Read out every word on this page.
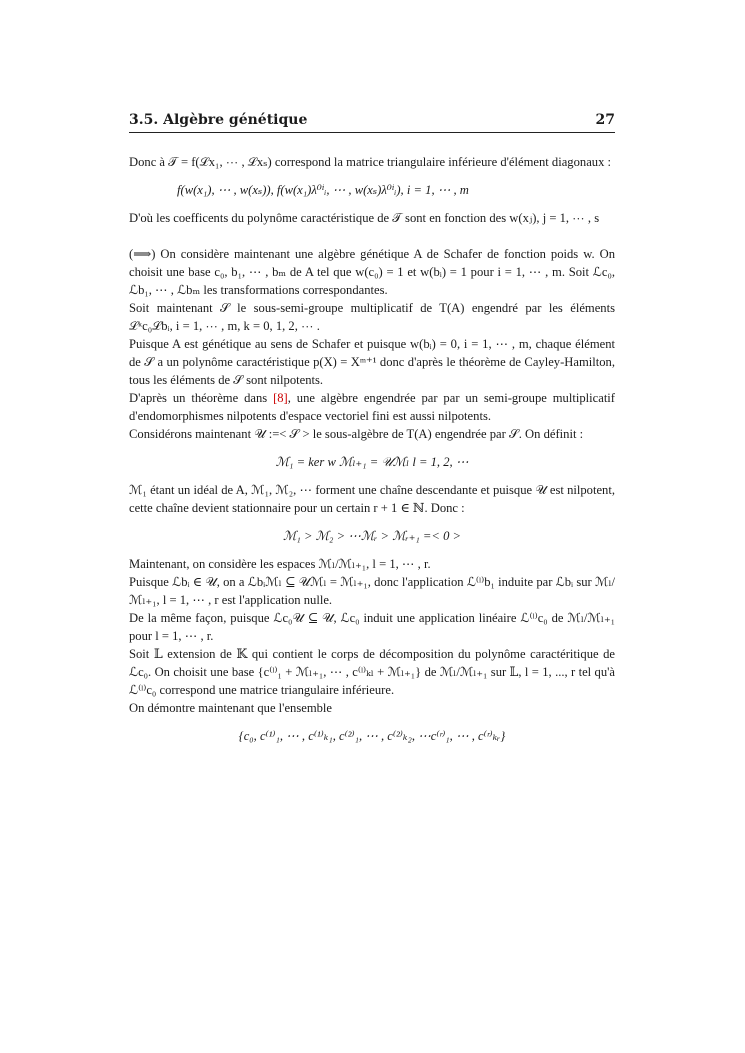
3.5. Algèbre génétique	27

Donc à 𝒯 = f(ℒx₁, ⋯ , ℒxₛ) correspond la matrice triangulaire inférieure d'élément diagonaux :

f(w(x₁), ⋯ , w(xₛ)), f(w(x₁)λ⁰ⁱᵢ, ⋯ , w(xₛ)λ⁰ⁱᵢ), i = 1, ⋯ , m

D'où les coefficents du polynôme caractéristique de 𝒯 sont en fonction des w(xⱼ), j = 1, ⋯ , s

(⟹) On considère maintenant une algèbre génétique A de Schafer de fonction poids w. On choisit une base c₀, b₁, ⋯ , bₘ de A tel que w(c₀) = 1 et w(bᵢ) = 1 pour i = 1, ⋯ , m. Soit ℒc₀, ℒb₁, ⋯ , ℒbₘ les transformations correspondantes.

Soit maintenant 𝒮 le sous-semi-groupe multiplicatif de T(A) engendré par les éléments ℒᵏc₀ℒbᵢ, i = 1, ⋯ , m, k = 0, 1, 2, ⋯ .

Puisque A est génétique au sens de Schafer et puisque w(bᵢ) = 0, i = 1, ⋯ , m, chaque élément de 𝒮 a un polynôme caractéristique p(X) = Xᵐ⁺¹ donc d'après le théorème de Cayley-Hamilton, tous les éléments de 𝒮 sont nilpotents.

D'après un théorème dans [8], une algèbre engendrée par par un semi-groupe multiplicatif d'endomorphismes nilpotents d'espace vectoriel fini est aussi nilpotents.

Considérons maintenant 𝒰 :=< 𝒮 > le sous-algèbre de T(A) engendrée par 𝒮. On définit :

ℳ₁ = ker w ℳₗ₊₁ = 𝒰ℳₗ l = 1, 2, ⋯

ℳ₁ étant un idéal de A, ℳ₁, ℳ₂, ⋯ forment une chaîne descendante et puisque 𝒰 est nilpotent, cette chaîne devient stationnaire pour un certain r + 1 ∈ ℕ. Donc :

ℳ₁ > ℳ₂ > ⋯ℳᵣ > ℳᵣ₊₁ =< 0 >

Maintenant, on considère les espaces ℳₗ/ℳₗ₊₁, l = 1, ⋯ , r.

Puisque ℒbᵢ ∈ 𝒰, on a ℒbᵢℳₗ ⊆ 𝒰ℳₗ = ℳₗ₊₁, donc l'application ℒ⁽ˡ⁾b₁ induite par ℒbᵢ sur ℳₗ/ℳₗ₊₁, l = 1, ⋯ , r est l'application nulle.

De la même façon, puisque ℒc₀𝒰 ⊆ 𝒰, ℒc₀ induit une application linéaire ℒ⁽ˡ⁾c₀ de ℳₗ/ℳₗ₊₁ pour l = 1, ⋯ , r.

Soit 𝕃 extension de 𝕂 qui contient le corps de décomposition du polynôme caractéritique de ℒc₀. On choisit une base {c⁽ˡ⁾₁ + ℳₗ₊₁, ⋯ , c⁽ˡ⁾ₖₗ + ℳₗ₊₁} de ℳₗ/ℳₗ₊₁ sur 𝕃, l = 1, ..., r tel qu'à ℒ⁽ˡ⁾c₀ correspond une matrice triangulaire inférieure.

On démontre maintenant que l'ensemble

{c₀, c⁽¹⁾₁, ⋯ , c⁽¹⁾ₖ₁, c⁽²⁾₁, ⋯ , c⁽²⁾ₖ₂, ⋯c⁽ʳ⁾₁, ⋯ , c⁽ʳ⁾ₖᵣ}
